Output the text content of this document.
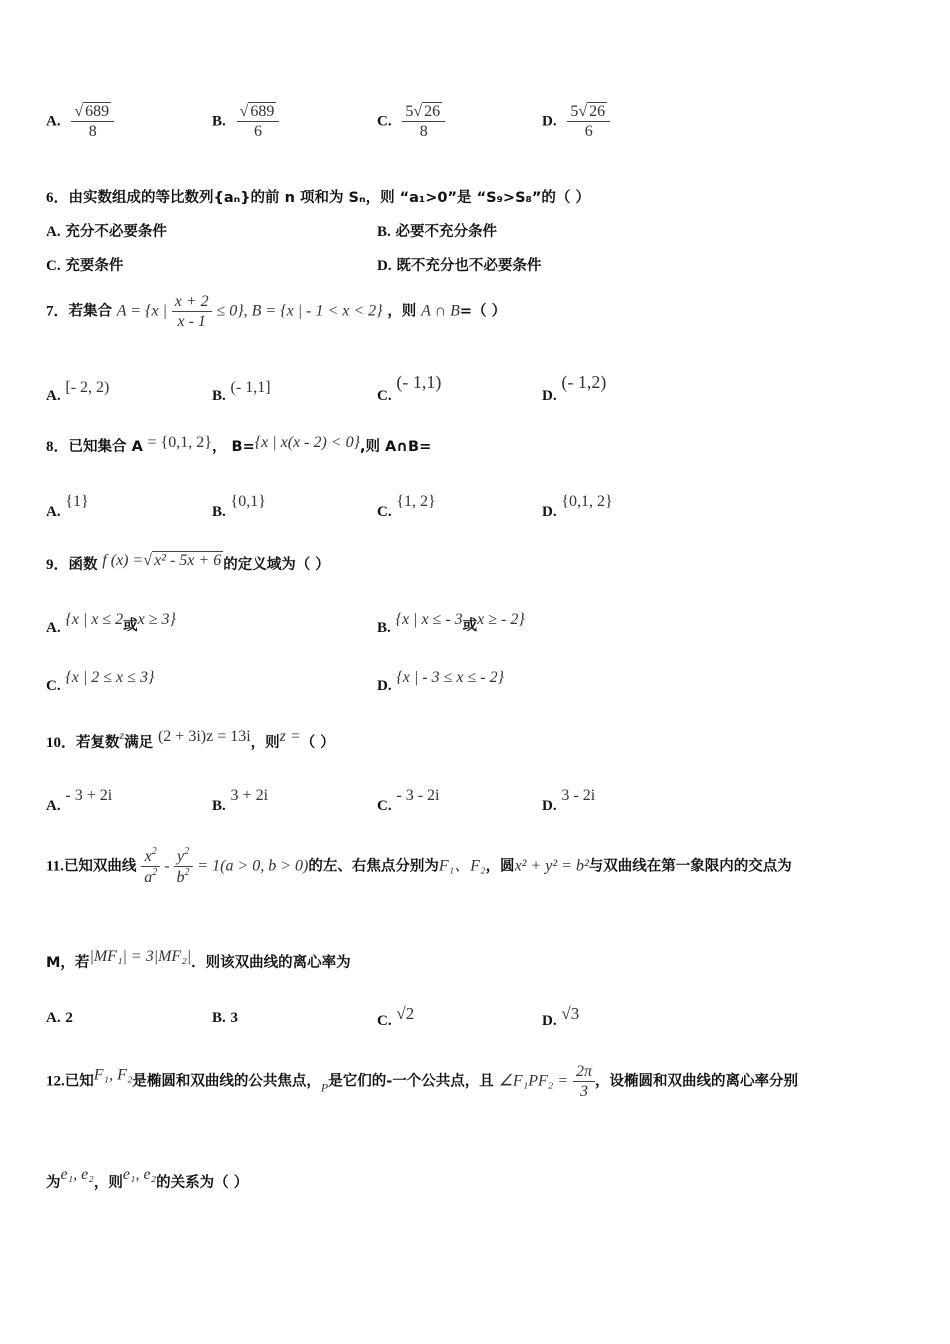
A. $\frac{√ 689}{8}$	B. $\frac{√ 689}{6}$	C. $\frac{5√ 26}{8}$	D. $\frac{5√ 26}{6}$
6．由实数组成的等比数列{aₙ}的前 n 项和为 Sₙ，则 “a₁>0”是 “S₉>S₈”的（ ）
A. 充分不必要条件	B. 必要不充分条件
C. 充要条件	D. 既不充分也不必要条件
7．若集合 A = {x | $\frac{x + 2}{x - 1} \le 0$}, B = {x | - 1 < x < 2} ，则 A ∩ B=（ ）
A. [- 2, 2)	B. (- 1,1]	C. (- 1,1)
D. (- 1,2)
8．已知集合 A = {0,1, 2}， B={x | x(x - 2) < 0},则 A∩B=
A. {1}
B. {0,1}
C. {1, 2}
D. {0,1, 2}
9．函数 f (x) =√ x² - 5x + 6 的定义域为（ ）
A. {x | x ≤ 2或x ≥ 3}	B. {x | x ≤ - 3或x ≥ - 2}
C. {x | 2 ≤ x ≤ 3}	D. {x | - 3 ≤ x ≤ - 2}
10．若复数$^z$满足 (2 + 3i)z = 13i，则z =（ ）
A. - 3 + 2i
B. 3 + 2i
C. - 3 - 2i
D. 3 - 2i
11.已知双曲线 $\frac{x^2}{a^2} - \frac{y^2}{b^2} = 1(a > 0$, b > 0)的左、右焦点分别为F₁、F₂，圆x² + y² = b²与双曲线在第一象限内的交点为
M，若|MF₁| = 3|MF₂|．则该双曲线的离心率为
A. 2	B. 3	C. √2	D. √3
12.已知F₁, F₂是椭圆和双曲线的公共焦点，$_P$是它们的-一个公共点，且 ∠F₁PF₂ = $\frac{2\pi}{3}$ ，设椭圆和双曲线的离心率分别
为e₁, e₂，则e₁, e₂的关系为（ ）
